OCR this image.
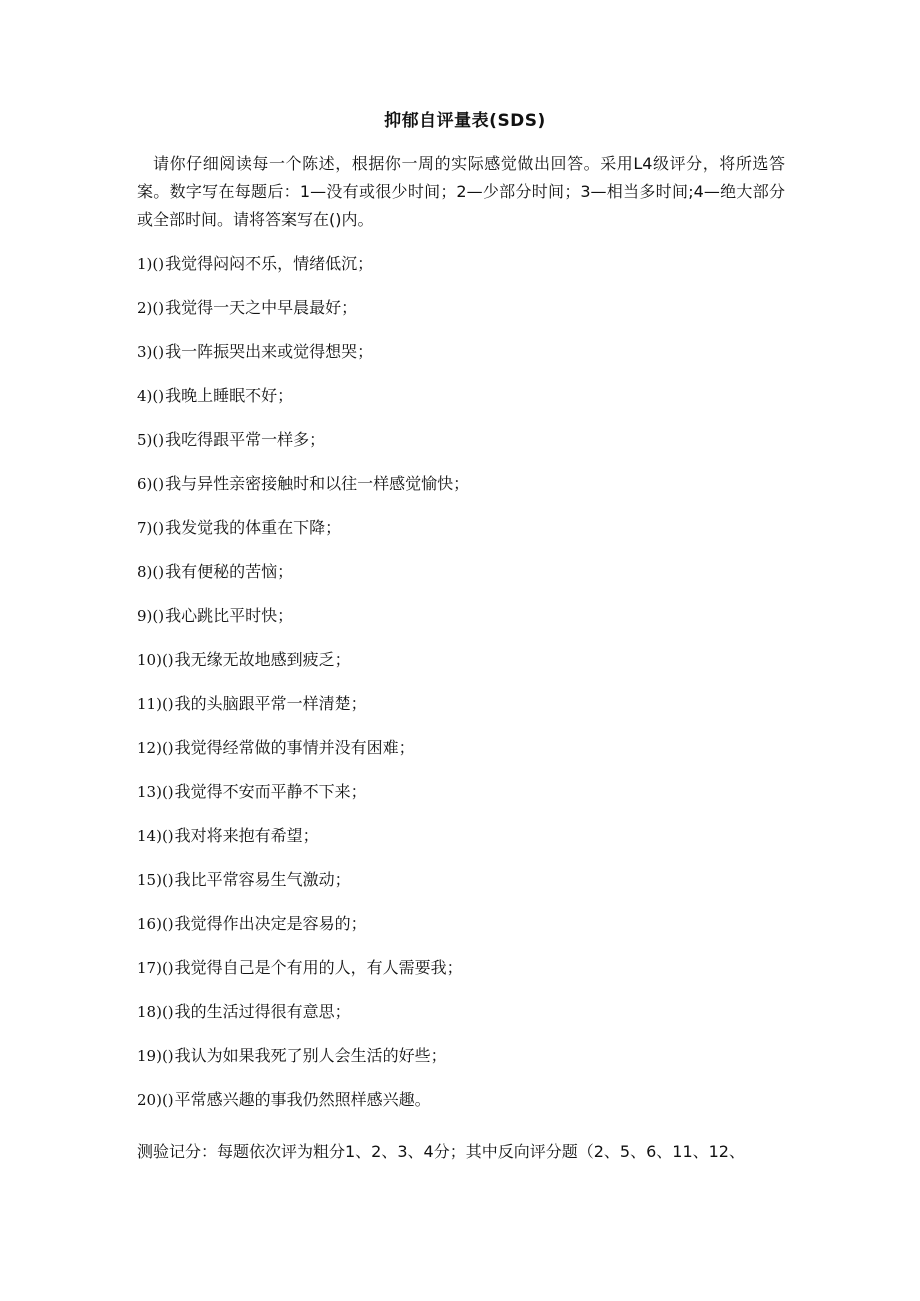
抑郁自评量表(SDS)
请你仔细阅读每一个陈述，根据你一周的实际感觉做出回答。采用L4级评分，将所选答案。数字写在每题后：1—没有或很少时间；2—少部分时间；3—相当多时间;4—绝大部分或全部时间。请将答案写在()内。
1)()我觉得闷闷不乐，情绪低沉；
2)()我觉得一天之中早晨最好；
3)()我一阵振哭出来或觉得想哭；
4)()我晚上睡眠不好；
5)()我吃得跟平常一样多；
6)()我与异性亲密接触时和以往一样感觉愉快；
7)()我发觉我的体重在下降；
8)()我有便秘的苦恼；
9)()我心跳比平时快；
10)()我无缘无故地感到疲乏；
11)()我的头脑跟平常一样清楚；
12)()我觉得经常做的事情并没有困难；
13)()我觉得不安而平静不下来；
14)()我对将来抱有希望；
15)()我比平常容易生气激动；
16)()我觉得作出决定是容易的；
17)()我觉得自己是个有用的人，有人需要我；
18)()我的生活过得很有意思；
19)()我认为如果我死了别人会生活的好些；
20)()平常感兴趣的事我仍然照样感兴趣。
测验记分：每题依次评为粗分1、2、3、4分；其中反向评分题（2、5、6、11、12、
